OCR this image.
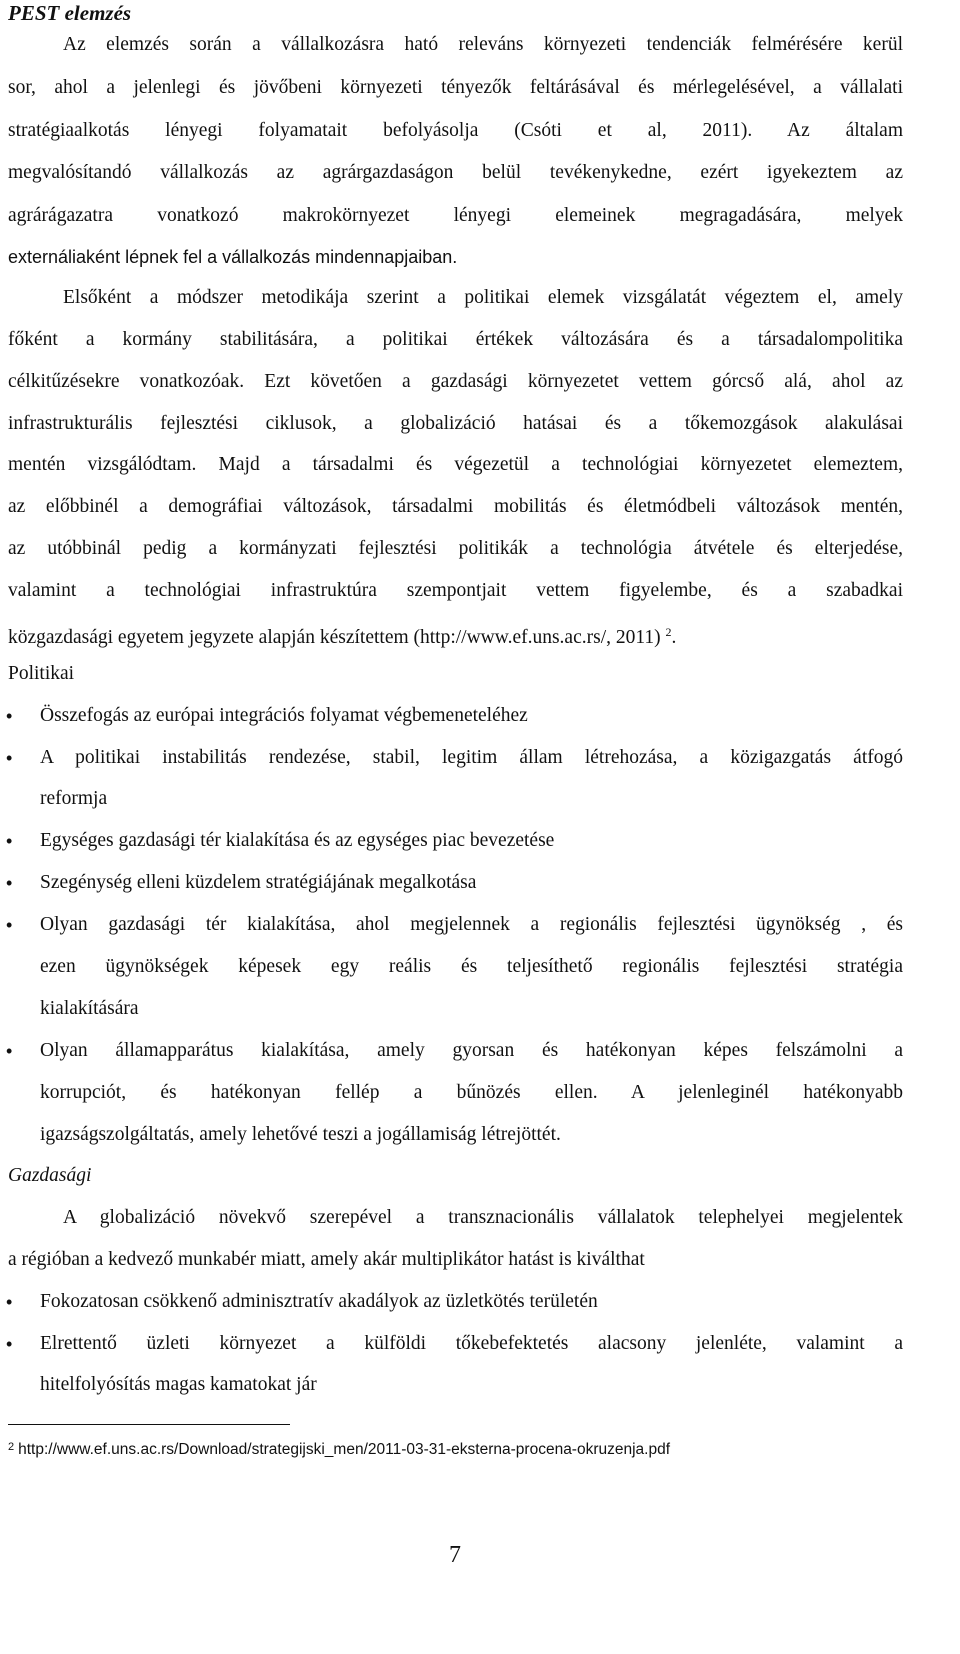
PEST elemzés
Az elemzés során a vállalkozásra ható releváns környezeti tendenciák felmérésére kerül
sor, ahol a jelenlegi és jövőbeni környezeti tényezők feltárásával és mérlegelésével, a vállalati
stratégiaalkotás lényegi folyamatait befolyásolja (Csóti et al, 2011). Az általam
megvalósítandó vállalkozás az agrárgazdaságon belül tevékenykedne, ezért igyekeztem az
agrárágazatra vonatkozó makrokörnyezet lényegi elemeinek megragadására, melyek
externáliaként lépnek fel a vállalkozás mindennapjaiban.
Elsőként a módszer metodikája szerint a politikai elemek vizsgálatát végeztem el, amely
főként a kormány stabilitására, a politikai értékek változására és a társadalompolitika
célkitűzésekre vonatkozóak. Ezt követően a gazdasági környezetet vettem górcső alá, ahol az
infrastrukturális fejlesztési ciklusok, a globalizáció hatásai és a tőkemozgások alakulásai
mentén vizsgálódtam. Majd a társadalmi és végezetül a technológiai környezetet elemeztem,
az előbbinél a demográfiai változások, társadalmi mobilitás és életmódbeli változások mentén,
az utóbbinál pedig a kormányzati fejlesztési politikák a technológia átvétele és elterjedése,
valamint a technológiai infrastruktúra szempontjait vettem figyelembe, és a szabadkai
közgazdasági egyetem jegyzete alapján készítettem (http://www.ef.uns.ac.rs/, 2011) $^2$.
Politikai
• Összefogás az európai integrációs folyamat végbemeneteléhez
• A politikai instabilitás rendezése, stabil, legitim állam létrehozása, a közigazgatás átfogó
reformja
• Egységes gazdasági tér kialakítása és az egységes piac bevezetése
• Szegénység elleni küzdelem stratégiájának megalkotása
• Olyan gazdasági tér kialakítása, ahol megjelennek a regionális fejlesztési ügynökség , és
ezen ügynökségek képesek egy reális és teljesíthető regionális fejlesztési stratégia
kialakítására
• Olyan államapparátus kialakítása, amely gyorsan és hatékonyan képes felszámolni a
korrupciót, és hatékonyan fellép a bűnözés ellen. A jelenleginél hatékonyabb
igazságszolgáltatás, amely lehetővé teszi a jogállamiság létrejöttét.
Gazdasági
A globalizáció növekvő szerepével a transznacionális vállalatok telephelyei megjelentek
a régióban a kedvező munkabér miatt, amely akár multiplikátor hatást is kiválthat
• Fokozatosan csökkenő adminisztratív akadályok az üzletkötés területén
• Elrettentő üzleti környezet a külföldi tőkebefektetés alacsony jelenléte, valamint a
hitelfolyósítás magas kamatokat jár
$^2$ http://www.ef.uns.ac.rs/Download/strategijski_men/2011-03-31-eksterna-procena-okruzenja.pdf
7
